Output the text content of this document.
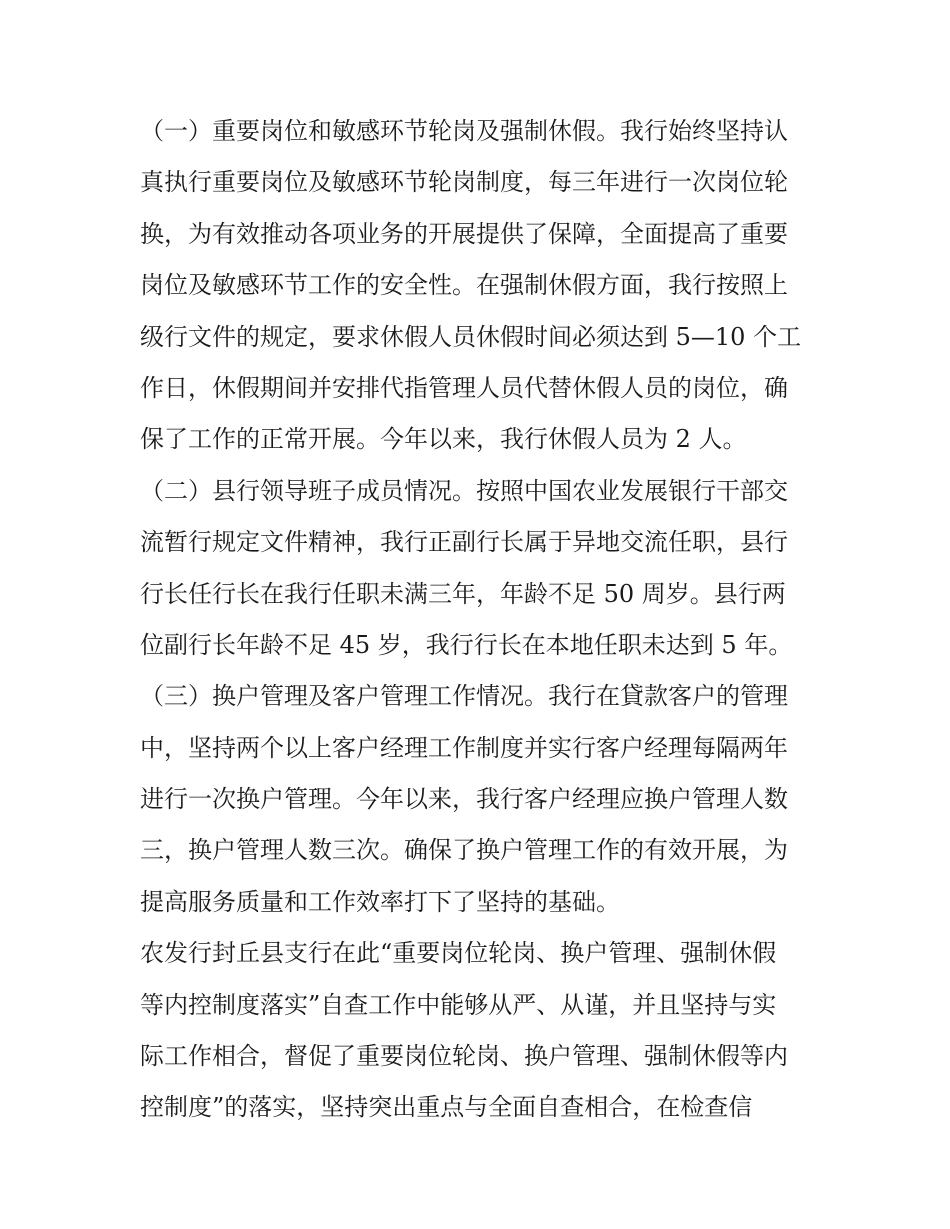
（一）重要岗位和敏感环节轮岗及强制休假。我行始终坚持认
真执行重要岗位及敏感环节轮岗制度，每三年进行一次岗位轮
换，为有效推动各项业务的开展提供了保障，全面提高了重要
岗位及敏感环节工作的安全性。在强制休假方面，我行按照上
级行文件的规定，要求休假人员休假时间必须达到 5—10 个工
作日，休假期间并安排代指管理人员代替休假人员的岗位，确
保了工作的正常开展。今年以来，我行休假人员为 2 人。
（二）县行领导班子成员情况。按照中国农业发展银行干部交
流暂行规定文件精神，我行正副行长属于异地交流任职，县行
行长任行长在我行任职未满三年，年龄不足 50 周岁。县行两
位副行长年龄不足 45 岁，我行行长在本地任职未达到 5 年。
（三）换户管理及客户管理工作情况。我行在貸款客户的管理
中，坚持两个以上客户经理工作制度并实行客户经理每隔两年
进行一次换户管理。今年以来，我行客户经理应换户管理人数
三，换户管理人数三次。确保了换户管理工作的有效开展，为
提高服务质量和工作效率打下了坚持的基础。
农发行封丘县支行在此“重要岗位轮岗、换户管理、强制休假
等内控制度落实”自查工作中能够从严、从谨，并且坚持与实
际工作相合，督促了重要岗位轮岗、换户管理、强制休假等内
控制度”的落实，坚持突出重点与全面自查相合，在检查信
